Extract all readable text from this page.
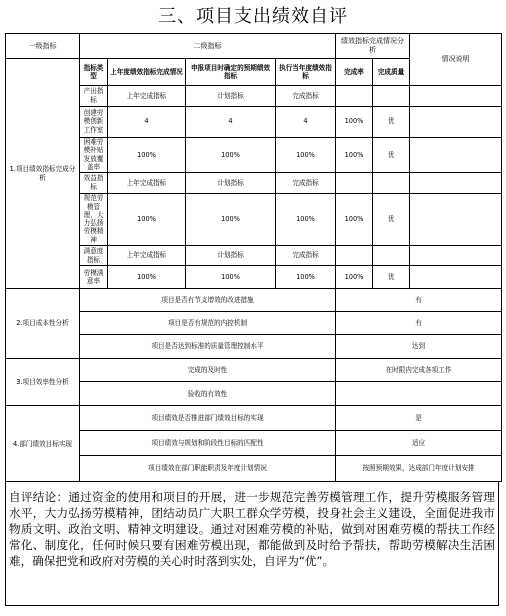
三、项目支出绩效自评
一级指标	二级指标				绩效指标完成情况分析		情况说明
1.项目绩效指标完成分析	指标类型	上年度绩效指标完成情况	申报项目时确定的预期绩效指标	执行当年度绩效指标	完成率	完成质量	
	产出指标	上年完成指标	计划指标	完成指标			
	创建劳模创新工作室	4	4	4	100%	优	
	困难劳模补贴发放覆盖率	100%	100%	100%	100%	优	
	效益指标	上年完成指标	计划指标	完成指标			
	规范劳模管理，大力弘扬劳模精神	100%	100%	100%	100%	优	
	满意度指标	上年完成指标	计划指标	完成指标			
	劳模满意率	100%	100%	100%	100%	优	
2.项目成本性分析	项目是否有节支增效的改进措施				有		
	项目是否有规范的内控机制				有		
	项目是否达到标准的质量管理控制水平				达到		
3.项目效率性分析	完成的及时性				在时限内完成各项工作		
	验收的有效性						
4.部门绩效目标实现	项目绩效是否推进部门绩效目标的实现				是		
	项目绩效与规划和阶段性目标的匹配性				适应		
	项目绩效在部门职能职责及年度计划情况				按照预期效果，达成部门年度计划安排		
自评结论：通过资金的使用和项目的开展，进一步规范完善劳模管理工作，提升劳模服务管理水平，大力弘扬劳模精神，团结动员广大职工群众学劳模，投身社会主义建设，全面促进我市物质文明、政治文明、精神文明建设。通过对困难劳模的补贴，做到对困难劳模的帮扶工作经常化、制度化，任何时候只要有困难劳模出现，都能做到及时给予帮扶，帮助劳模解决生活困难，确保把党和政府对劳模的关心时时落到实处，自评为“优”。
